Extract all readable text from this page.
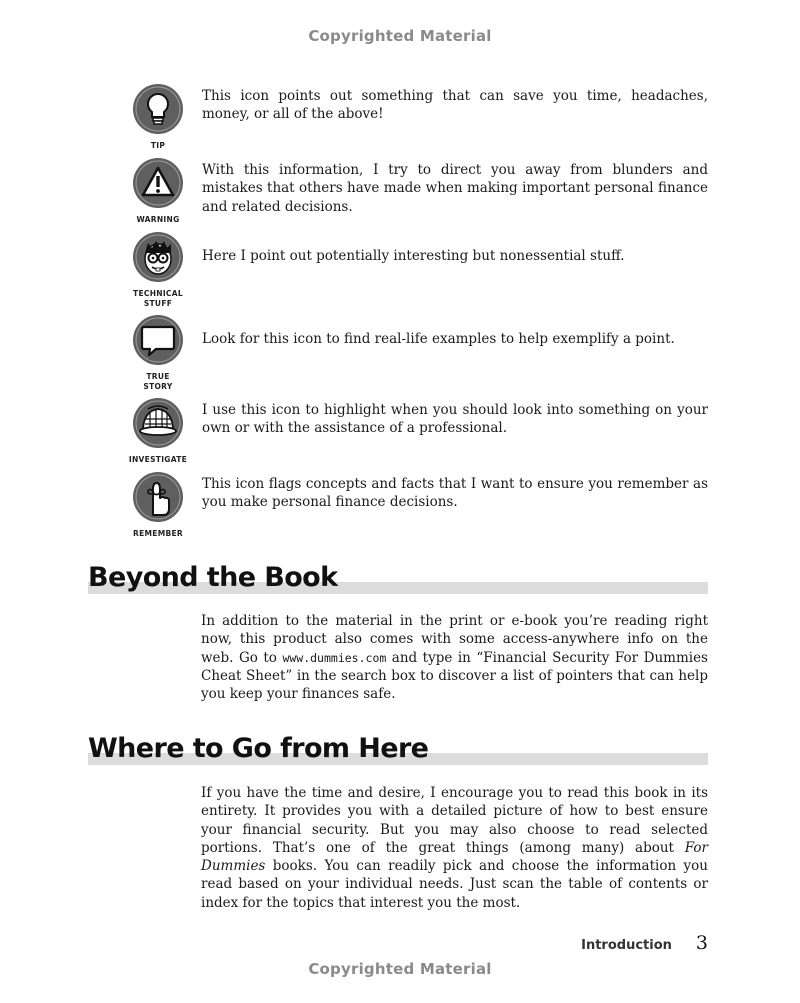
Copyrighted Material
TIP
This icon points out something that can save you time, headaches, money, or all of the above!
WARNING
With this information, I try to direct you away from blunders and mistakes that others have made when making important personal finance and related decisions.
TECHNICAL
STUFF
Here I point out potentially interesting but nonessential stuff.
TRUE
STORY
Look for this icon to find real-life examples to help exemplify a point.
INVESTIGATE
I use this icon to highlight when you should look into something on your own or with the assistance of a professional.
REMEMBER
This icon flags concepts and facts that I want to ensure you remember as you make personal finance decisions.
Beyond the Book

In addition to the material in the print or e-book you’re reading right now, this product also comes with some access-anywhere info on the web. Go to www.dummies.com and type in “Financial Security For Dummies Cheat Sheet” in the search box to discover a list of pointers that can help you keep your finances safe.

Where to Go from Here

If you have the time and desire, I encourage you to read this book in its entirety. It provides you with a detailed picture of how to best ensure your financial security. But you may also choose to read selected portions. That’s one of the great things (among many) about For Dummies books. You can readily pick and choose the information you read based on your individual needs. Just scan the table of contents or index for the topics that interest you the most.

Introduction 3
Copyrighted Material
